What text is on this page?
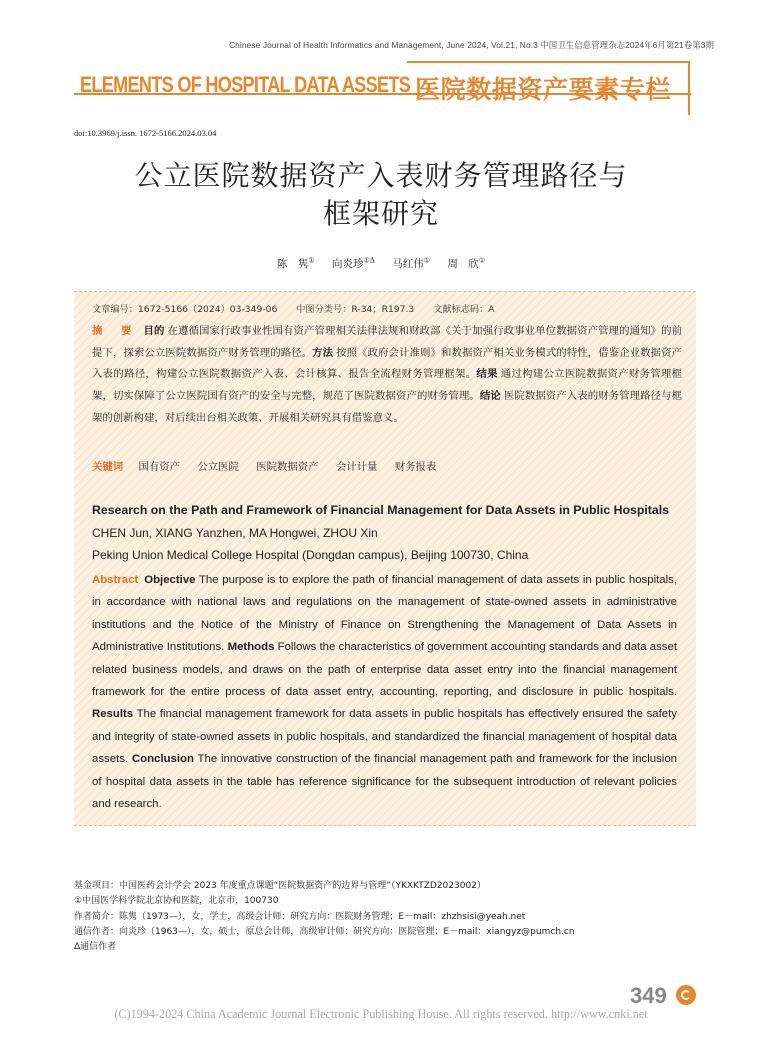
Chinese Journal of Health Informatics and Management, June 2024, Vol.21, No.3 中国卫生信息管理杂志2024年6月第21卷第3期
ELEMENTS OF HOSPITAL DATA ASSETS 医院数据资产要素专栏
doi:10.3969/j.issn. 1672-5166.2024.03.04
公立医院数据资产入表财务管理路径与
框架研究
陈　隽① 向炎珍$^{①\Delta}$ 马红伟① 周　欣①
文章编号：1672-5166（2024）03-349-06 中图分类号：R-34；R197.3 文献标志码：A
摘　要 目的 在遵循国家行政事业性国有资产管理相关法律法规和财政部《关于加强行政事业单位数据资产管理的通知》的前提下，探索公立医院数据资产财务管理的路径。方法 按照《政府会计准则》和数据资产相关业务模式的特性，借鉴企业数据资产入表的路径，构建公立医院数据资产入表、会计核算、报告全流程财务管理框架。结果 通过构建公立医院数据资产财务管理框架，切实保障了公立医院国有资产的安全与完整，规范了医院数据资产的财务管理。结论 医院数据资产入表的财务管理路径与框架的创新构建，对后续出台相关政策、开展相关研究具有借鉴意义。
关键词 国有资产 公立医院 医院数据资产 会计计量 财务报表
Research on the Path and Framework of Financial Management for Data Assets in Public Hospitals
CHEN Jun, XIANG Yanzhen, MA Hongwei, ZHOU Xin
Peking Union Medical College Hospital (Dongdan campus), Beijing 100730, China
Abstract Objective The purpose is to explore the path of financial management of data assets in public hospitals, in accordance with national laws and regulations on the management of state-owned assets in administrative institutions and the Notice of the Ministry of Finance on Strengthening the Management of Data Assets in Administrative Institutions. Methods Follows the characteristics of government accounting standards and data asset related business models, and draws on the path of enterprise data asset entry into the financial management framework for the entire process of data asset entry, accounting, reporting, and disclosure in public hospitals. Results The financial management framework for data assets in public hospitals has effectively ensured the safety and integrity of state-owned assets in public hospitals, and standardized the financial management of hospital data assets. Conclusion The innovative construction of the financial management path and framework for the inclusion of hospital data assets in the table has reference significance for the subsequent introduction of relevant policies and research.
基金项目：中国医药会计学会 2023 年度重点课题“医院数据资产的边界与管理”（YKXKTZD2023002）
①中国医学科学院北京协和医院，北京市，100730
作者简介：陈隽（1973—），女，学士，高级会计师；研究方向：医院财务管理；E－mail：zhzhsisi@yeah.net
通信作者：向炎珍（1963—），女，硕士，原总会计师，高级审计师；研究方向：医院管理；E－mail：xiangyz@pumch.cn
Δ通信作者
349
(C)1994-2024 China Academic Journal Electronic Publishing House. All rights reserved. http://www.cnki.net
